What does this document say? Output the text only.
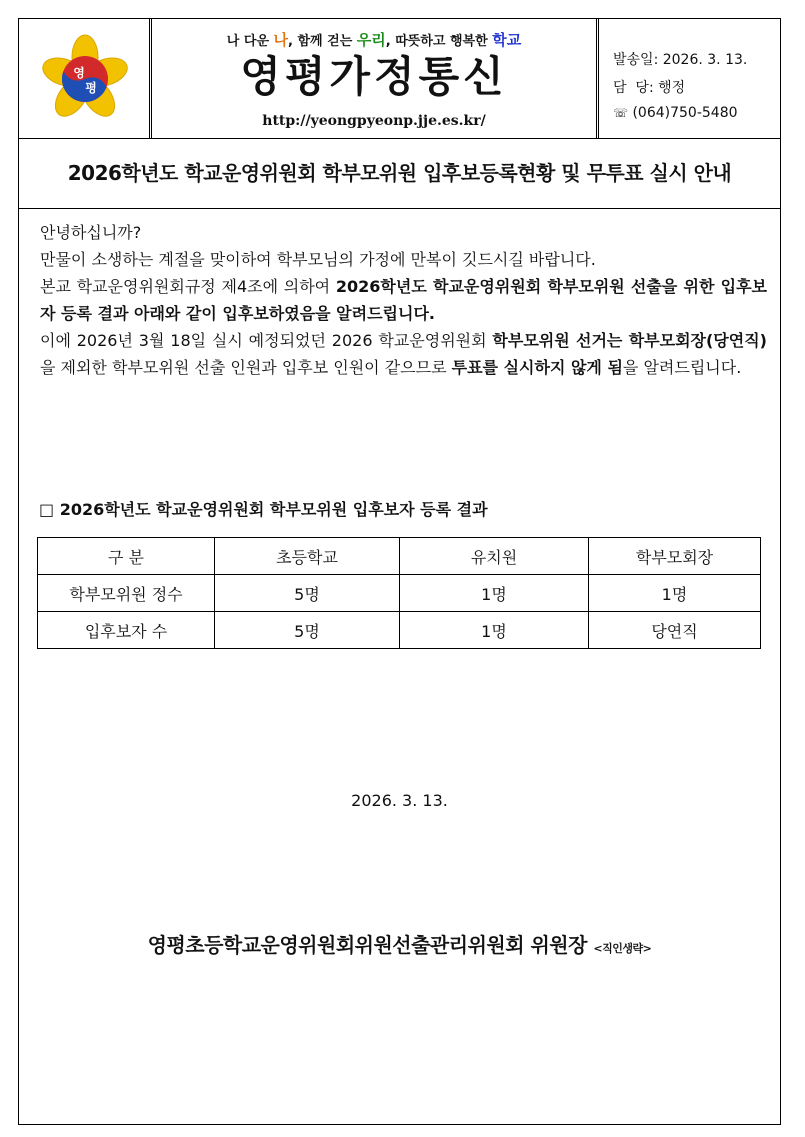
영
평
나 다운 나, 함께 걷는 우리, 따뜻하고 행복한 학교
영평가정통신
http://yeongpyeonp.jje.es.kr/
발송일: 2026. 3. 13.
담  당: 행정
☏ (064)750-5480
2026학년도 학교운영위원회 학부모위원 입후보등록현황 및 무투표 실시 안내

안녕하십니까?

만물이 소생하는 계절을 맞이하여 학부모님의 가정에 만복이 깃드시길 바랍니다.

본교 학교운영위원회규정 제4조에 의하여 2026학년도 학교운영위원회 학부모위원 선출을 위한 입후보자 등록 결과 아래와 같이 입후보하였음을 알려드립니다.

이에 2026년 3월 18일 실시 예정되었던 2026 학교운영위원회 학부모위원 선거는 학부모회장(당연직)을 제외한 학부모위원 선출 인원과 입후보 인원이 같으므로 투표를 실시하지 않게 됨을 알려드립니다.

□ 2026학년도 학교운영위원회 학부모위원 입후보자 등록 결과
구 분	초등학교	유치원	학부모회장
학부모위원 정수	5명	1명	1명
입후보자 수	5명	1명	당연직
2026. 3. 13.
영평초등학교운영위원회위원선출관리위원회 위원장 <직인생략>
